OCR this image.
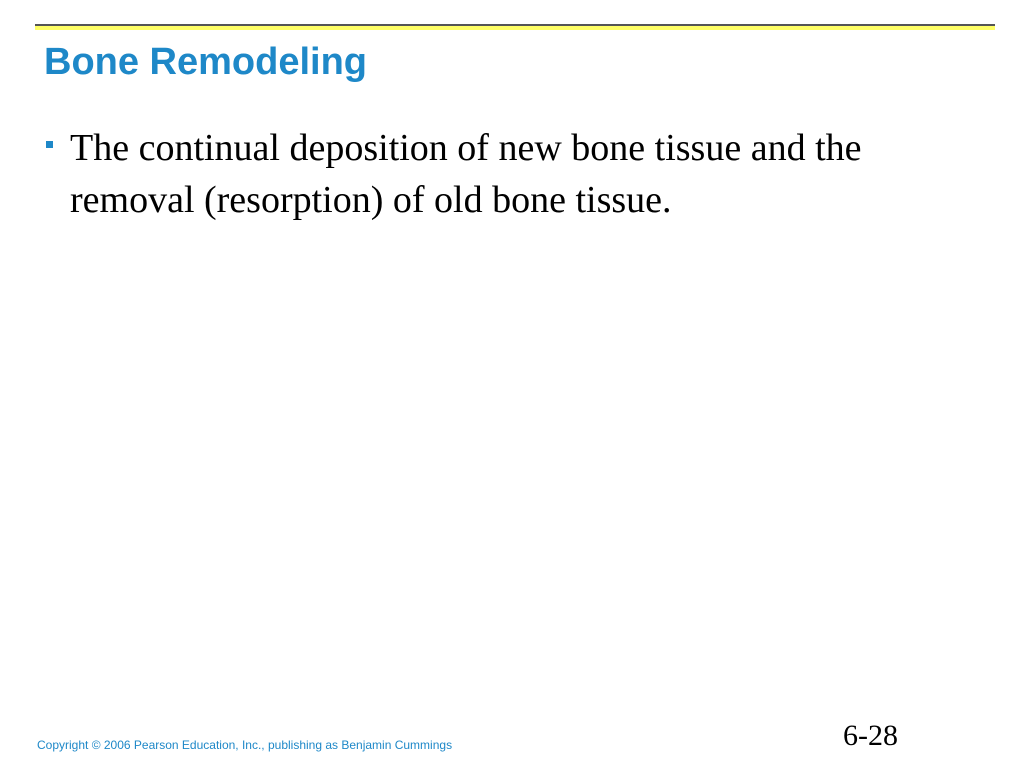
Bone Remodeling
The continual deposition of new bone tissue and the removal (resorption) of old bone tissue.
Copyright © 2006 Pearson Education, Inc., publishing as Benjamin Cummings	6-28
